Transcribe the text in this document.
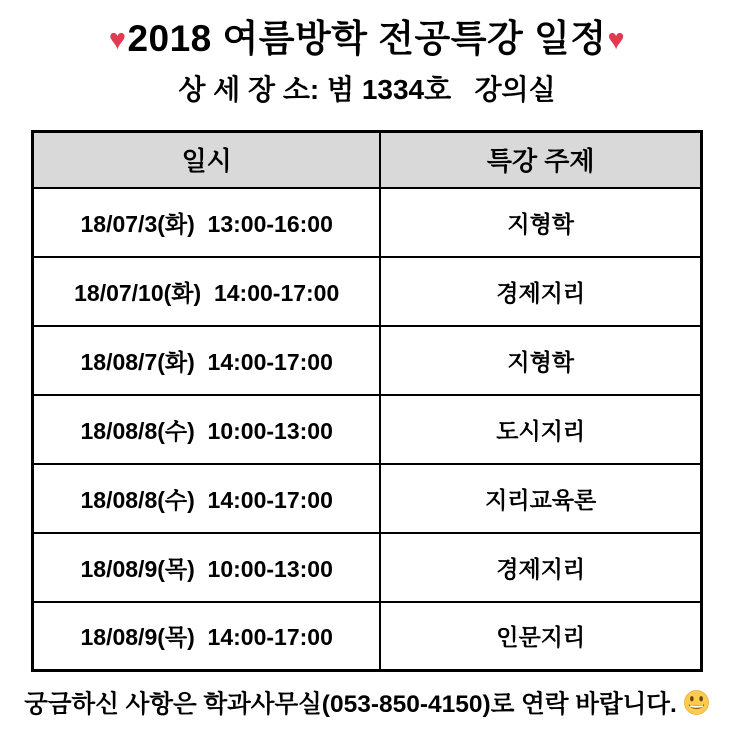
♥2018 여름방학 전공특강 일정♥
상 세 장 소: 범 1334호   강의실
일시	특강 주제
18/07/3(화)  13:00-16:00	지형학
18/07/10(화)  14:00-17:00	경제지리
18/08/7(화)  14:00-17:00	지형학
18/08/8(수)  10:00-13:00	도시지리
18/08/8(수)  14:00-17:00	지리교육론
18/08/9(목)  10:00-13:00	경제지리
18/08/9(목)  14:00-17:00	인문지리

궁금하신 사항은 학과사무실(053-850-4150)로 연락 바랍니다.
